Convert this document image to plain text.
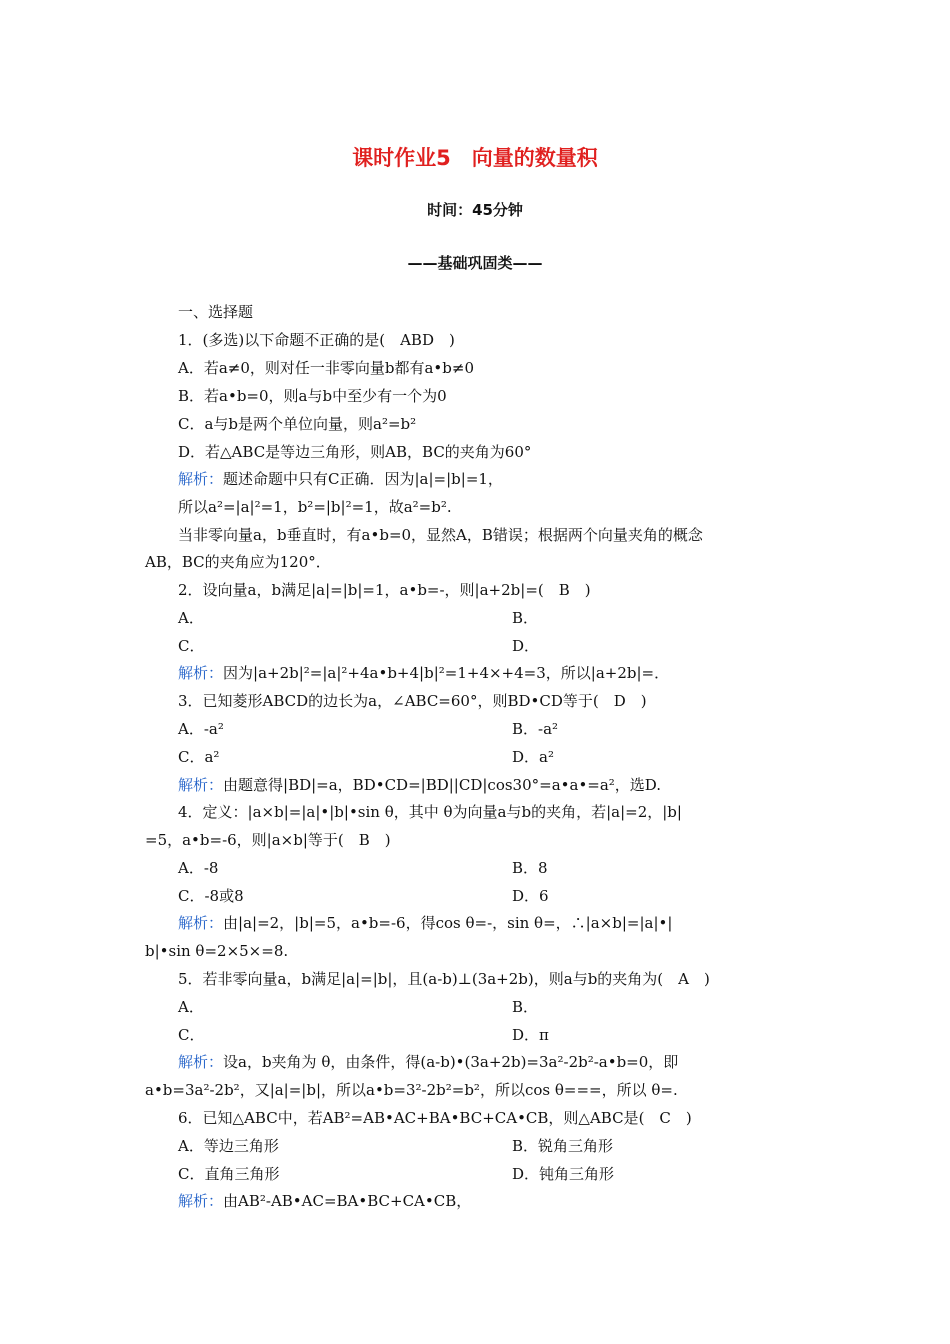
课时作业5　向量的数量积
时间：45分钟
——基础巩固类——
一、选择题
1．(多选)以下命题不正确的是(　ABD　)
A．若a≠0，则对任一非零向量b都有a•b≠0
B．若a•b=0，则a与b中至少有一个为0
C．a与b是两个单位向量，则a²=b²
D．若△ABC是等边三角形，则AB，BC的夹角为60°
解析：题述命题中只有C正确．因为|a|=|b|=1，
所以a²=|a|²=1，b²=|b|²=1，故a²=b².
当非零向量a，b垂直时，有a•b=0，显然A，B错误；根据两个向量夹角的概念
AB，BC的夹角应为120°．
2．设向量a，b满足|a|=|b|=1，a•b=-，则|a+2b|=(　B　)
A．	B．
C．	D．
解析：因为|a+2b|²=|a|²+4a•b+4|b|²=1+4×+4=3，所以|a+2b|=．
3．已知菱形ABCD的边长为a，∠ABC=60°，则BD•CD等于(　D　)
A．-a²	B．-a²
C．a²	D．a²
解析：由题意得|BD|=a，BD•CD=|BD||CD|cos30°=a•a•=a²，选D.
4．定义：|a×b|=|a|•|b|•sin θ，其中 θ为向量a与b的夹角，若|a|=2，|b|
=5，a•b=-6，则|a×b|等于(　B　)
A．-8	B．8
C．-8或8	D．6
解析：由|a|=2，|b|=5，a•b=-6，得cos θ=-，sin θ=，∴|a×b|=|a|•|
b|•sin θ=2×5×=8.
5．若非零向量a，b满足|a|=|b|，且(a-b)⊥(3a+2b)，则a与b的夹角为(　A　)
A．	B．
C．	D．π
解析：设a，b夹角为 θ，由条件，得(a-b)•(3a+2b)=3a²-2b²-a•b=0，即
a•b=3a²-2b²，又|a|=|b|，所以a•b=3²-2b²=b²，所以cos θ===，所以 θ=.
6．已知△ABC中，若AB²=AB•AC+BA•BC+CA•CB，则△ABC是(　C　)
A．等边三角形	B．锐角三角形
C．直角三角形	D．钝角三角形
解析：由AB²-AB•AC=BA•BC+CA•CB，
